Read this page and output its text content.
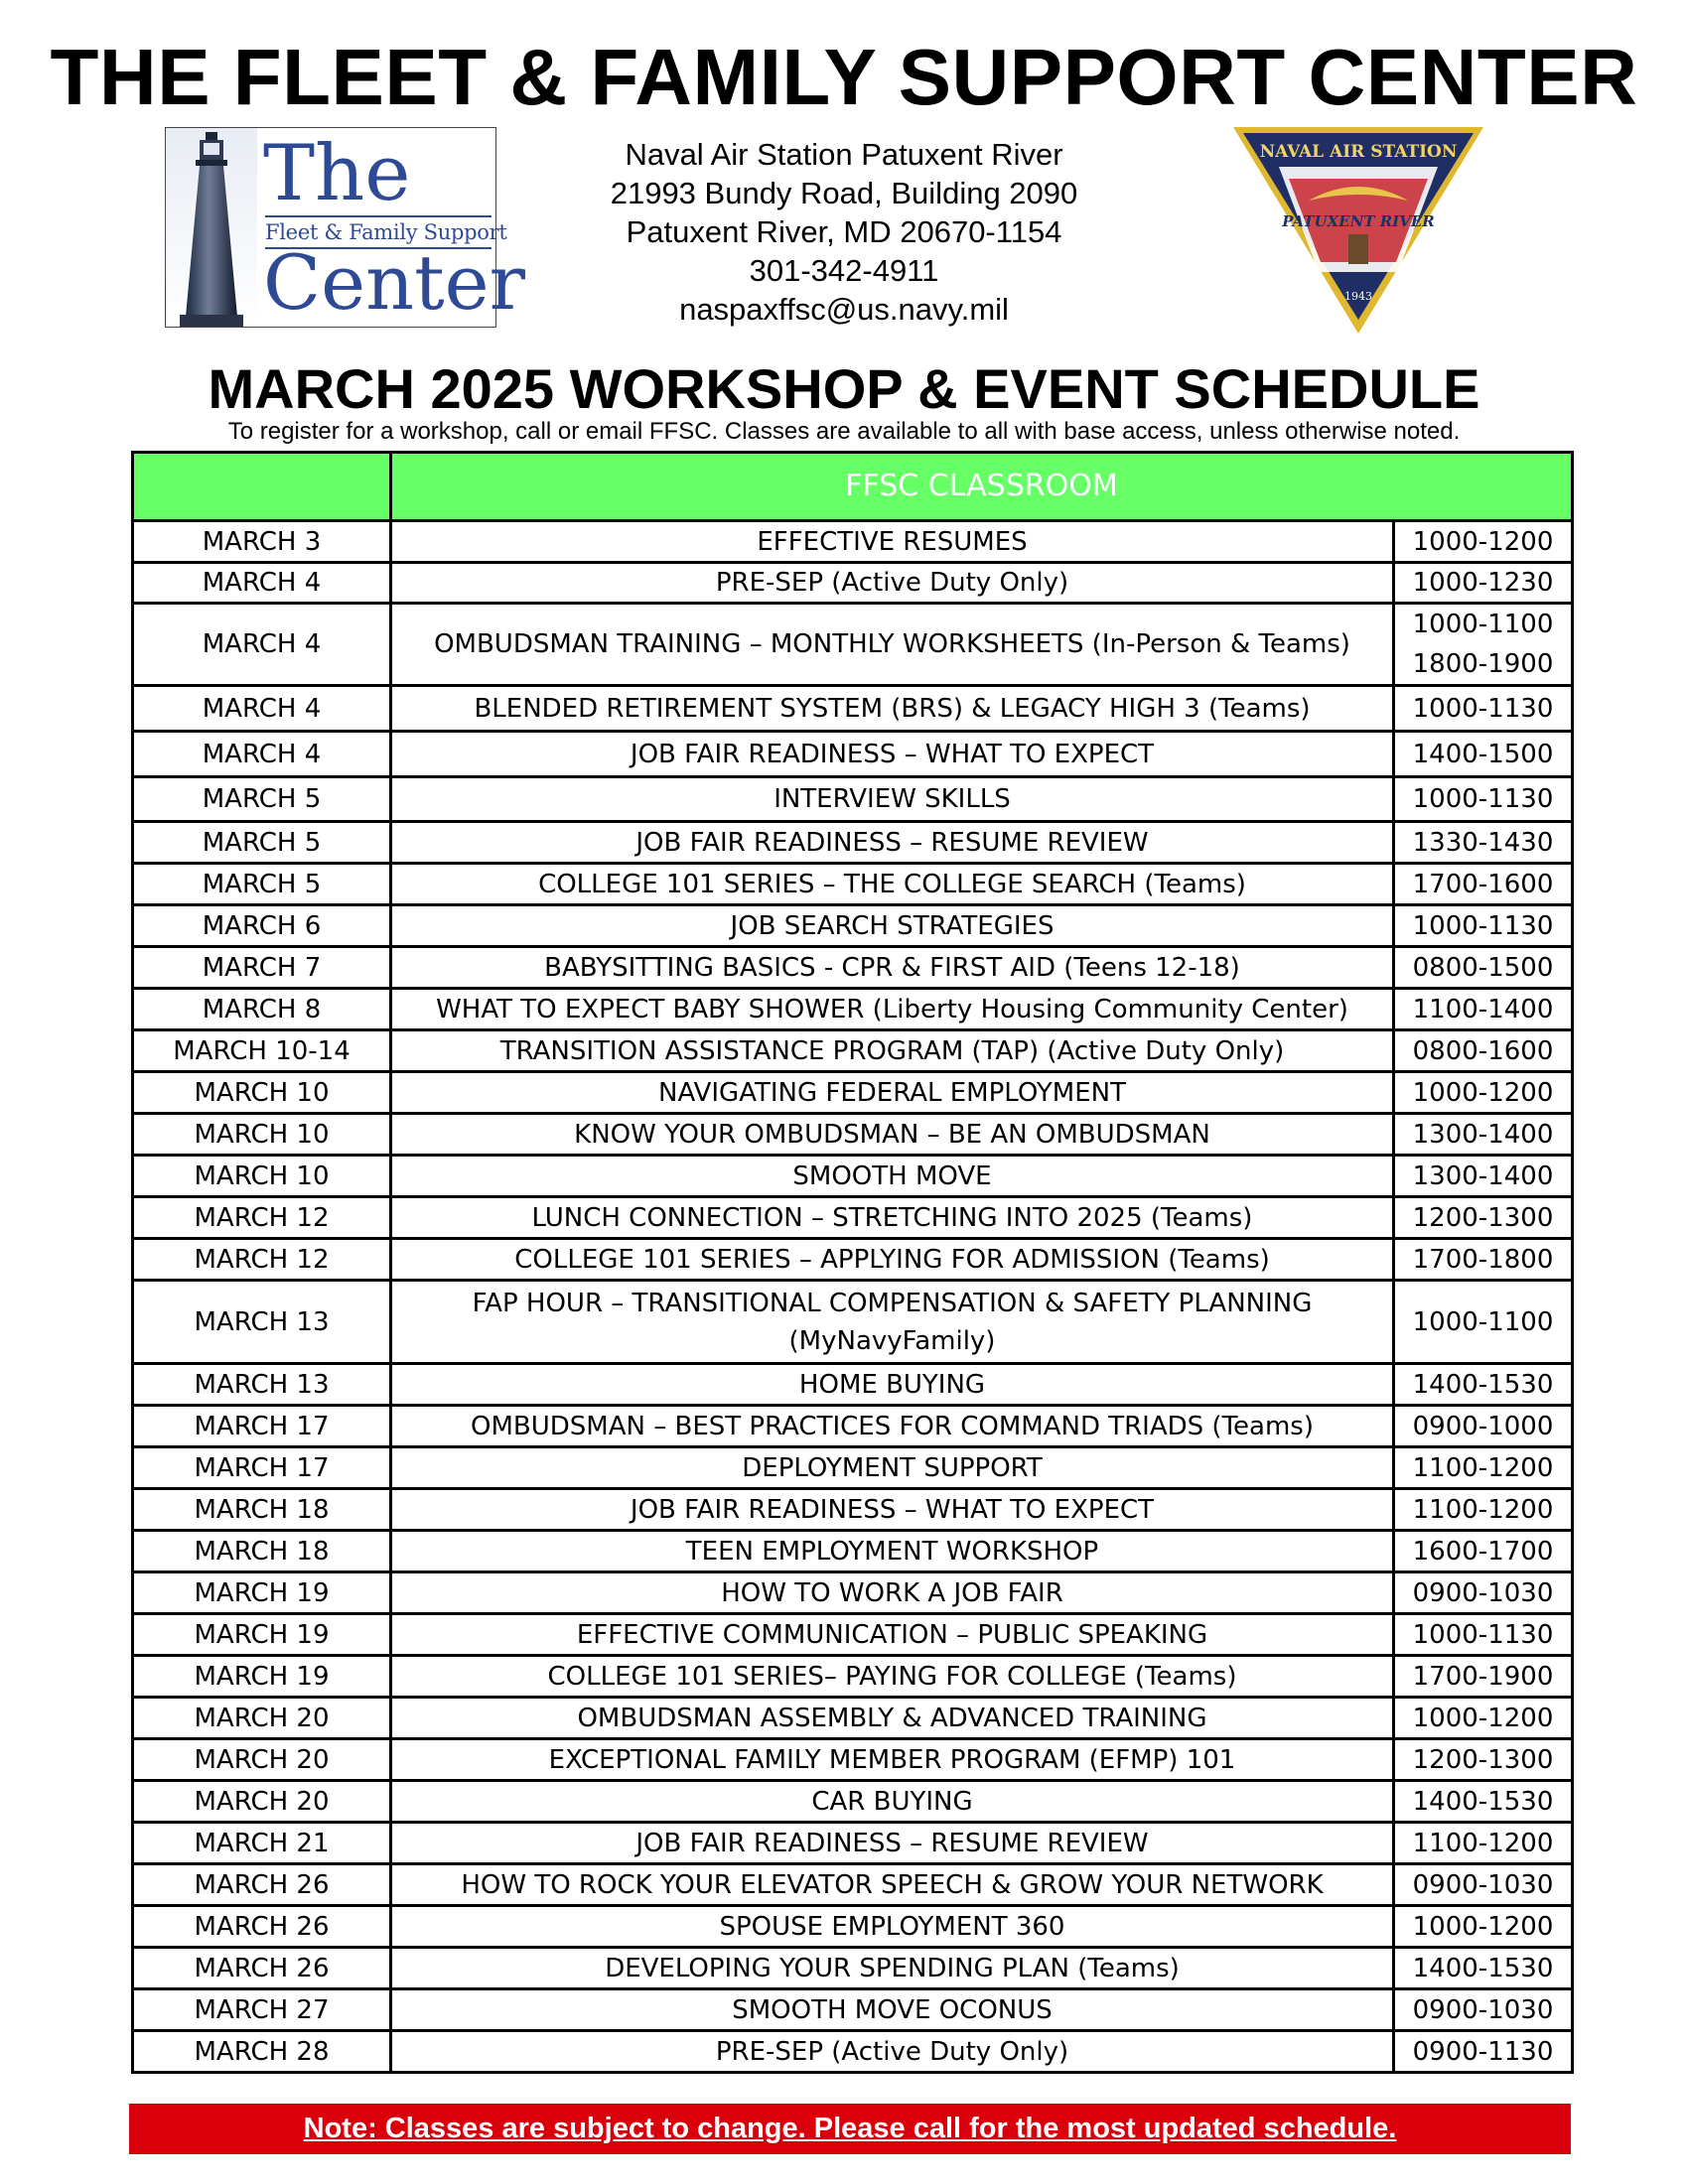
THE FLEET & FAMILY SUPPORT CENTER
The
Fleet & Family Support
Center
Naval Air Station Patuxent River
21993 Bundy Road, Building 2090
Patuxent River, MD 20670-1154
301-342-4911
naspaxffsc@us.navy.mil
NAVAL AIR STATION
PATUXENT RIVER
1943
MARCH 2025 WORKSHOP & EVENT SCHEDULE
To register for a workshop, call or email FFSC. Classes are available to all with base access, unless otherwise noted.
	FFSC CLASSROOM	
MARCH 3	EFFECTIVE RESUMES	1000-1200
MARCH 4	PRE-SEP (Active Duty Only)	1000-1230
MARCH 4	OMBUDSMAN TRAINING – MONTHLY WORKSHEETS (In-Person & Teams)	1000-1100
1800-1900

MARCH 4	BLENDED RETIREMENT SYSTEM (BRS) & LEGACY HIGH 3 (Teams)	1000-1130
MARCH 4	JOB FAIR READINESS – WHAT TO EXPECT	1400-1500
MARCH 5	INTERVIEW SKILLS	1000-1130
MARCH 5	JOB FAIR READINESS – RESUME REVIEW	1330-1430
MARCH 5	COLLEGE 101 SERIES – THE COLLEGE SEARCH (Teams)	1700-1600
MARCH 6	JOB SEARCH STRATEGIES	1000-1130
MARCH 7	BABYSITTING BASICS - CPR & FIRST AID (Teens 12-18)	0800-1500
MARCH 8	WHAT TO EXPECT BABY SHOWER (Liberty Housing Community Center)	1100-1400
MARCH 10-14	TRANSITION ASSISTANCE PROGRAM (TAP) (Active Duty Only)	0800-1600
MARCH 10	NAVIGATING FEDERAL EMPLOYMENT	1000-1200
MARCH 10	KNOW YOUR OMBUDSMAN – BE AN OMBUDSMAN	1300-1400
MARCH 10	SMOOTH MOVE	1300-1400
MARCH 12	LUNCH CONNECTION – STRETCHING INTO 2025 (Teams)	1200-1300
MARCH 12	COLLEGE 101 SERIES – APPLYING FOR ADMISSION (Teams)	1700-1800
MARCH 13	FAP HOUR – TRANSITIONAL COMPENSATION & SAFETY PLANNING
(MyNavyFamily)	1000-1100
MARCH 13	HOME BUYING	1400-1530
MARCH 17	OMBUDSMAN – BEST PRACTICES FOR COMMAND TRIADS (Teams)	0900-1000
MARCH 17	DEPLOYMENT SUPPORT	1100-1200
MARCH 18	JOB FAIR READINESS – WHAT TO EXPECT	1100-1200
MARCH 18	TEEN EMPLOYMENT WORKSHOP	1600-1700
MARCH 19	HOW TO WORK A JOB FAIR	0900-1030
MARCH 19	EFFECTIVE COMMUNICATION – PUBLIC SPEAKING	1000-1130
MARCH 19	COLLEGE 101 SERIES– PAYING FOR COLLEGE (Teams)	1700-1900
MARCH 20	OMBUDSMAN ASSEMBLY & ADVANCED TRAINING	1000-1200
MARCH 20	EXCEPTIONAL FAMILY MEMBER PROGRAM (EFMP) 101	1200-1300
MARCH 20	CAR BUYING	1400-1530
MARCH 21	JOB FAIR READINESS – RESUME REVIEW	1100-1200
MARCH 26	HOW TO ROCK YOUR ELEVATOR SPEECH & GROW YOUR NETWORK	0900-1030
MARCH 26	SPOUSE EMPLOYMENT 360	1000-1200
MARCH 26	DEVELOPING YOUR SPENDING PLAN (Teams)	1400-1530
MARCH 27	SMOOTH MOVE OCONUS	0900-1030
MARCH 28	PRE-SEP (Active Duty Only)	0900-1130
Note: Classes are subject to change. Please call for the most updated schedule.
